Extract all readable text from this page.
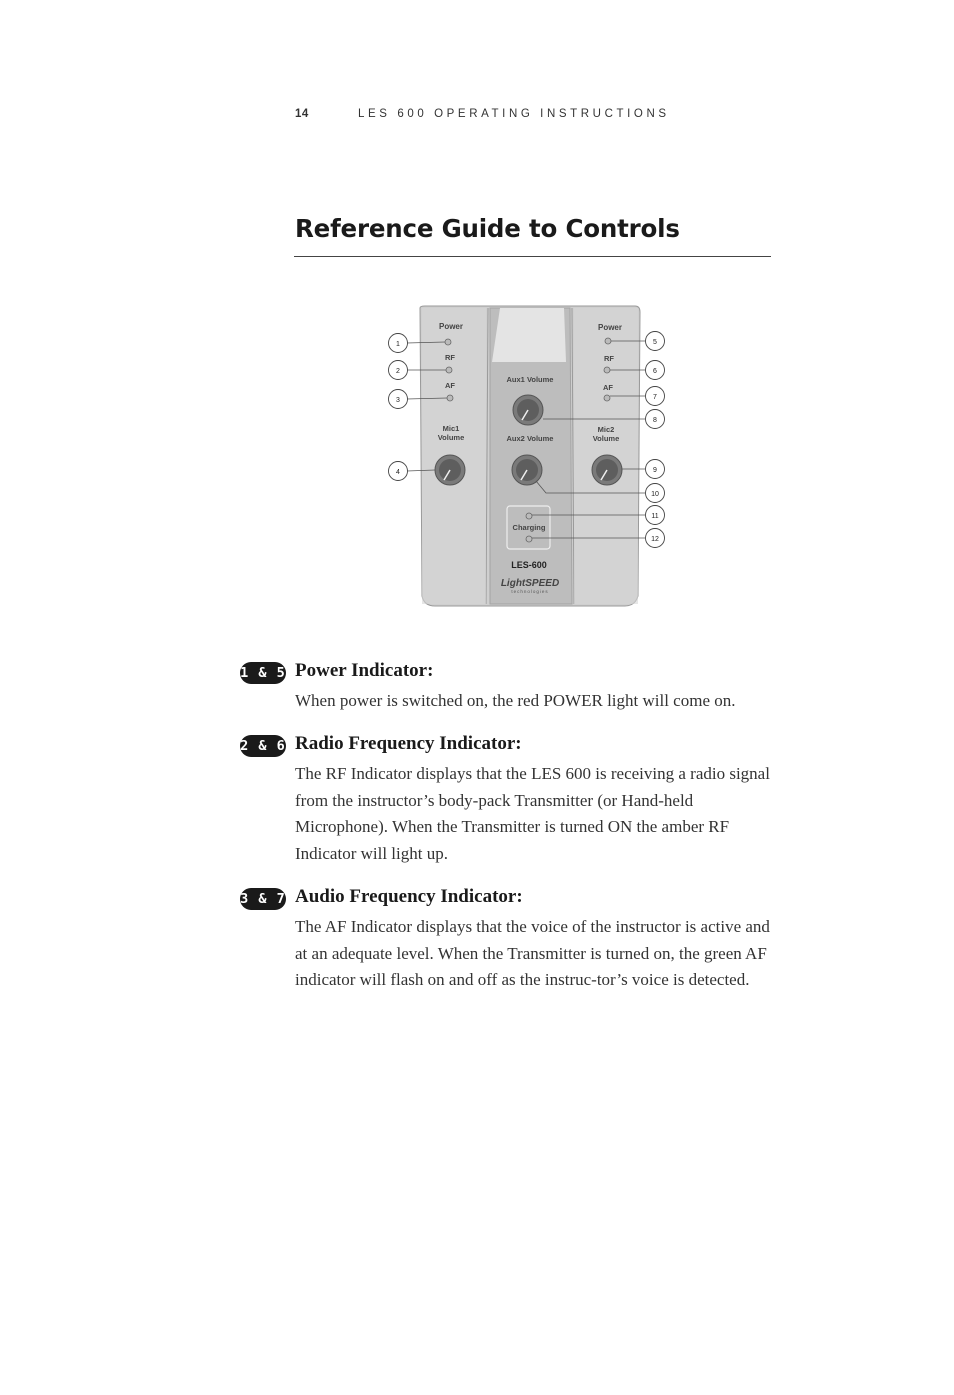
14	LES 600 OPERATING INSTRUCTIONS
Reference Guide to Controls
Power
RF
AF
Mic1
Volume
Aux1 Volume
Aux2 Volume
Charging
LES-600
LightSPEED
technologies
Power
RF
AF
Mic2
Volume
1
2
3
4
5
6
7
8
9
10
11
12
1 & 5 Power Indicator:

When power is switched on, the red POWER light will come on.

2 & 6 Radio Frequency Indicator:

The RF Indicator displays that the LES 600 is receiving a radio signal from the instructor’s body-pack Transmitter (or Hand-held Microphone). When the Transmitter is turned ON the amber RF Indicator will light up.

3 & 7 Audio Frequency Indicator:

The AF Indicator displays that the voice of the instructor is active and at an adequate level. When the Transmitter is turned on, the green AF indicator will flash on and off as the instruc-tor’s voice is detected.
